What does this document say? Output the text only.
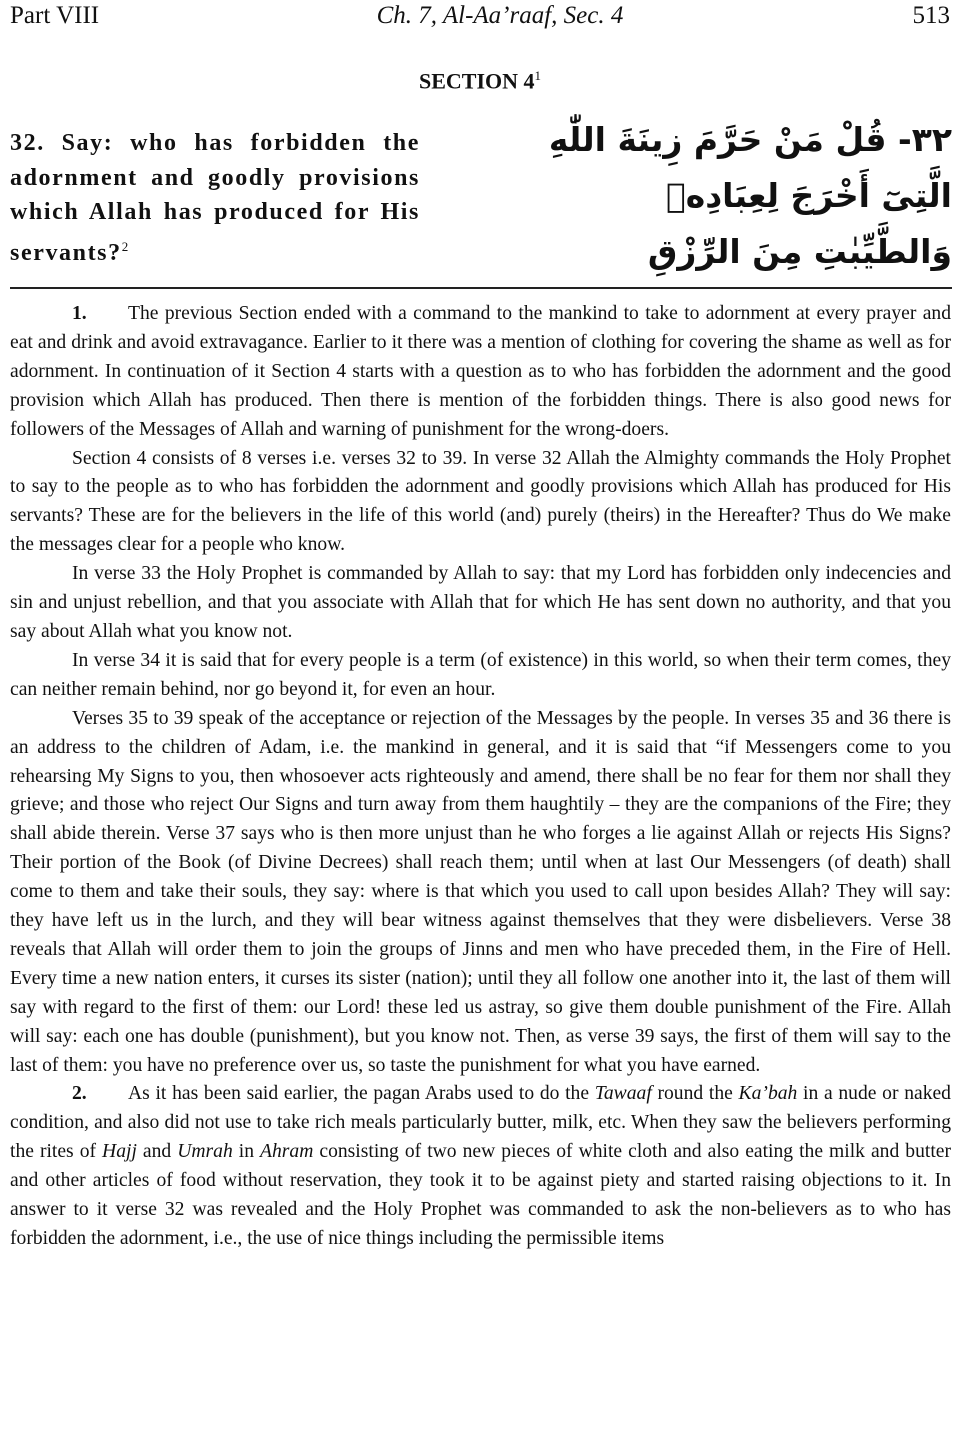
Part VIII	Ch. 7, Al-Aa’raaf, Sec. 4	513
SECTION $4^1$
32. Say: who has forbidden the adornment and goodly provisions which Allah has produced for His servants?$^2$
٣٢- قُلْ مَنْ حَرَّمَ زِينَةَ اللّٰهِ
الَّتِىٓ أَخْرَجَ لِعِبَادِهٖ
وَالطَّيِّبٰتِ مِنَ الرِّزْقِ

1. The previous Section ended with a command to the mankind to take to adornment at every prayer and eat and drink and avoid extravagance. Earlier to it there was a mention of clothing for covering the shame as well as for adornment. In continuation of it Section 4 starts with a question as to who has forbidden the adornment and the good provision which Allah has produced. Then there is mention of the forbidden things. There is also good news for followers of the Messages of Allah and warning of punishment for the wrong-doers.

Section 4 consists of 8 verses i.e. verses 32 to 39. In verse 32 Allah the Almighty commands the Holy Prophet to say to the people as to who has forbidden the adornment and goodly provisions which Allah has produced for His servants? These are for the believers in the life of this world (and) purely (theirs) in the Hereafter? Thus do We make the messages clear for a people who know.

In verse 33 the Holy Prophet is commanded by Allah to say: that my Lord has forbidden only indecencies and sin and unjust rebellion, and that you associate with Allah that for which He has sent down no authority, and that you say about Allah what you know not.

In verse 34 it is said that for every people is a term (of existence) in this world, so when their term comes, they can neither remain behind, nor go beyond it, for even an hour.

Verses 35 to 39 speak of the acceptance or rejection of the Messages by the people. In verses 35 and 36 there is an address to the children of Adam, i.e. the mankind in general, and it is said that “if Messengers come to you rehearsing My Signs to you, then whosoever acts righteously and amend, there shall be no fear for them nor shall they grieve; and those who reject Our Signs and turn away from them haughtily – they are the companions of the Fire; they shall abide therein. Verse 37 says who is then more unjust than he who forges a lie against Allah or rejects His Signs? Their portion of the Book (of Divine Decrees) shall reach them; until when at last Our Messengers (of death) shall come to them and take their souls, they say: where is that which you used to call upon besides Allah? They will say: they have left us in the lurch, and they will bear witness against themselves that they were disbelievers. Verse 38 reveals that Allah will order them to join the groups of Jinns and men who have preceded them, in the Fire of Hell. Every time a new nation enters, it curses its sister (nation); until they all follow one another into it, the last of them will say with regard to the first of them: our Lord! these led us astray, so give them double punishment of the Fire. Allah will say: each one has double (punishment), but you know not. Then, as verse 39 says, the first of them will say to the last of them: you have no preference over us, so taste the punishment for what you have earned.

2. As it has been said earlier, the pagan Arabs used to do the Tawaaf round the Ka’bah in a nude or naked condition, and also did not use to take rich meals particularly butter, milk, etc. When they saw the believers performing the rites of Hajj and Umrah in Ahram consisting of two new pieces of white cloth and also eating the milk and butter and other articles of food without reservation, they took it to be against piety and started raising objections to it. In answer to it verse 32 was revealed and the Holy Prophet was commanded to ask the non-believers as to who has forbidden the adornment, i.e., the use of nice things including the permissible items
